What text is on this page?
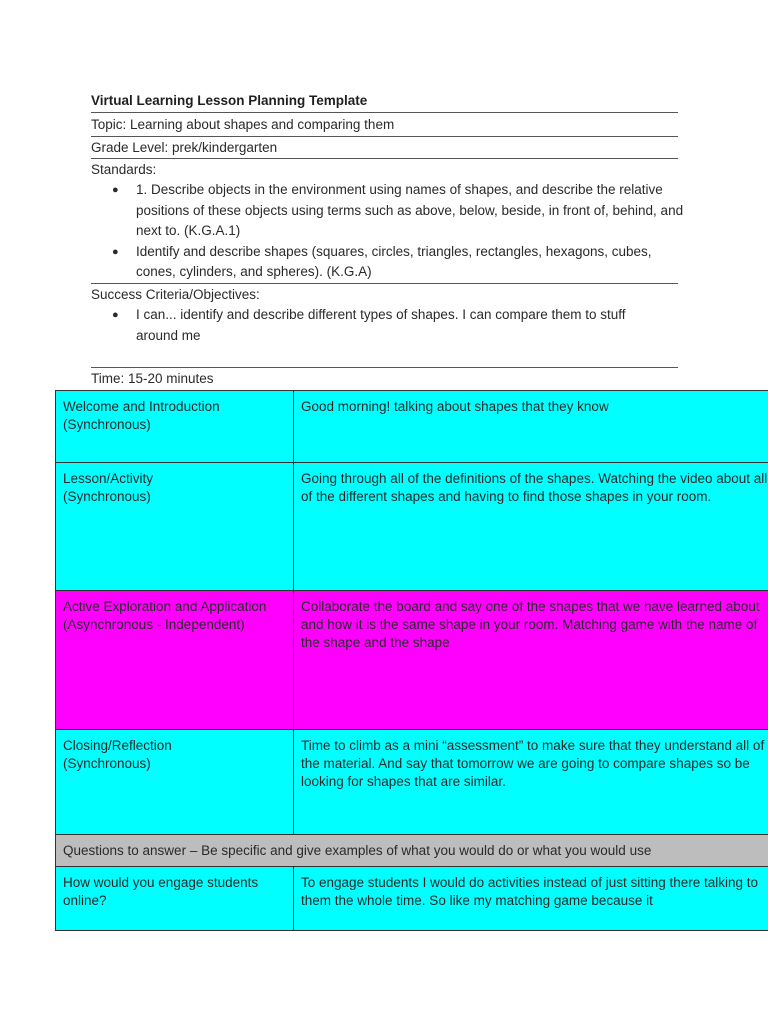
Virtual Learning Lesson Planning Template
Topic: Learning about shapes and comparing them
Grade Level: prek/kindergarten
Standards:
● 1. Describe objects in the environment using names of shapes, and describe the relative positions of these objects using terms such as above, below, beside, in front of, behind, and next to. (K.G.A.1)
● Identify and describe shapes (squares, circles, triangles, rectangles, hexagons, cubes, cones, cylinders, and spheres). (K.G.A)
Success Criteria/Objectives:
● I can... identify and describe different types of shapes. I can compare them to stuff around me
Time: 15-20 minutes
Welcome and Introduction
(Synchronous)	Good morning! talking about shapes that they know
Lesson/Activity
(Synchronous)	Going through all of the definitions of the shapes. Watching the video about all of the different shapes and having to find those shapes in your room.
Active Exploration and Application
(Asynchronous - Independent)	Collaborate the board and say one of the shapes that we have learned about and how it is the same shape in your room. Matching game with the name of the shape and the shape
Closing/Reflection
(Synchronous)	Time to climb as a mini “assessment” to make sure that they understand all of the material. And say that tomorrow we are going to compare shapes so be looking for shapes that are similar.
Questions to answer – Be specific and give examples of what you would do or what you would use	
How would you engage students online?	To engage students I would do activities instead of just sitting there talking to them the whole time. So like my matching game because it
